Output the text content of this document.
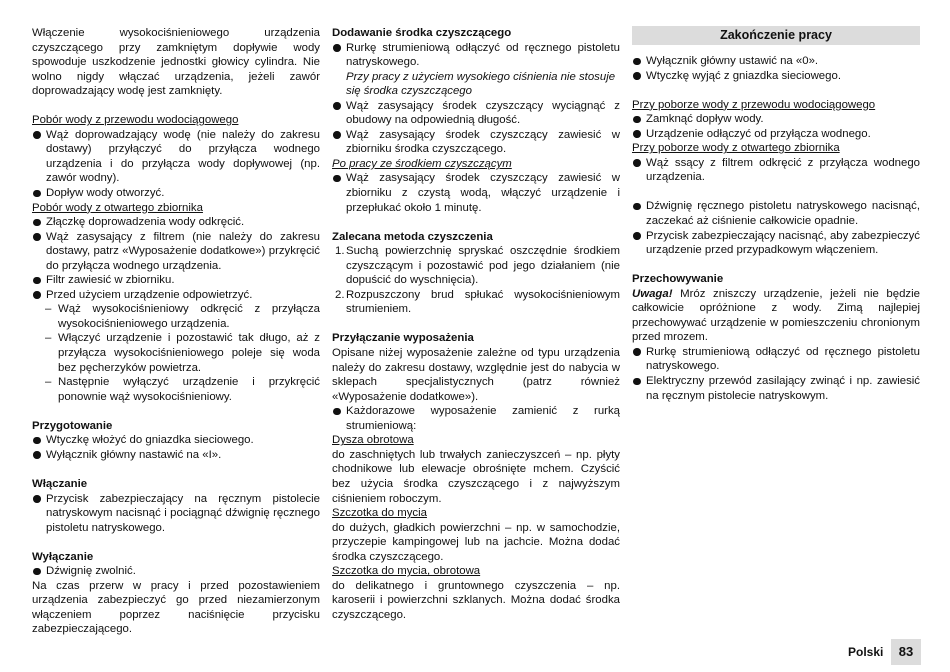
Włączenie wysokociśnieniowego urządzenia czyszczącego przy zamkniętym dopływie wody spowoduje uszkodzenie jednostki głowicy cylindra. Nie wolno nigdy włączać urządzenia, jeżeli zawór doprowadzający wodę jest zamknięty.

Pobór wody z przewodu wodociągowego

Wąż doprowadzający wodę (nie należy do zakresu dostawy) przyłączyć do przyłącza wodnego urządzenia i do przyłącza wody dopływowej (np. zawór wodny).

Dopływ wody otworzyć.

Pobór wody z otwartego zbiornika

Złączkę doprowadzenia wody odkręcić.

Wąż zasysający z filtrem (nie należy do zakresu dostawy, patrz «Wyposażenie dodatkowe») przykręcić do przyłącza wodnego urządzenia.

Filtr zawiesić w zbiorniku.

Przed użyciem urządzenie odpowietrzyć.

– Wąż wysokociśnieniowy odkręcić z przyłącza wysokociśnieniowego urządzenia.

– Włączyć urządzenie i pozostawić tak długo, aż z przyłącza wysokociśnieniowego poleje się woda bez pęcherzyków powietrza.

– Następnie wyłączyć urządzenie i przykręcić ponownie wąż wysokociśnieniowy.

Przygotowanie

Wtyczkę włożyć do gniazdka sieciowego.

Wyłącznik główny nastawić na «I».

Włączanie

Przycisk zabezpieczający na ręcznym pistolecie natryskowym nacisnąć i pociągnąć dźwignię ręcznego pistoletu natryskowego.

Wyłączanie

Dźwignię zwolnić.

Na czas przerw w pracy i przed pozostawieniem urządzenia zabezpieczyć go przed niezamierzonym włączeniem poprzez naciśnięcie przycisku zabezpieczającego.

Dodawanie środka czyszczącego

Rurkę strumieniową odłączyć od ręcznego pistoletu natryskowego.

Przy pracy z użyciem wysokiego ciśnienia nie stosuje się środka czyszczącego

Wąż zasysający środek czyszczący wyciągnąć z obudowy na odpowiednią długość.

Wąż zasysający środek czyszczący zawiesić w zbiorniku środka czyszczącego.

Po pracy ze środkiem czyszczącym

Wąż zasysający środek czyszczący zawiesić w zbiorniku z czystą wodą, włączyć urządzenie i przepłukać około 1 minutę.

Zalecana metoda czyszczenia

1. Suchą powierzchnię spryskać oszczędnie środkiem czyszczącym i pozostawić pod jego działaniem (nie dopuścić do wyschnięcia).

2. Rozpuszczony brud spłukać wysokociśnieniowym strumieniem.

Przyłączanie wyposażenia

Opisane niżej wyposażenie zależne od typu urządzenia należy do zakresu dostawy, względnie jest do nabycia w sklepach specjalistycznych (patrz również «Wyposażenie dodatkowe»).

Każdorazowe wyposażenie zamienić z rurką strumieniową:

Dysza obrotowa

do zaschniętych lub trwałych zanieczyszceń – np. płyty chodnikowe lub elewacje obrośnięte mchem. Czyścić bez użycia środka czyszczącego i z najwyższym ciśnieniem roboczym.

Szczotka do mycia

do dużych, gładkich powierzchni – np. w samochodzie, przyczepie kampingowej lub na jachcie. Można dodać środka czyszczącego.

Szczotka do mycia, obrotowa

do delikatnego i gruntownego czyszczenia – np. karoserii i powierzchni szklanych. Można dodać środka czyszczącego.

Zakończenie pracy

Wyłącznik główny ustawić na «0».

Wtyczkę wyjąć z gniazdka sieciowego.

Przy poborze wody z przewodu wodociągowego

Zamknąć dopływ wody.

Urządzenie odłączyć od przyłącza wodnego.

Przy poborze wody z otwartego zbiornika

Wąż ssący z filtrem odkręcić z przyłącza wodnego urządzenia.

Dźwignię ręcznego pistoletu natryskowego nacisnąć, zaczekać aż ciśnienie całkowicie opadnie.

Przycisk zabezpieczający nacisnąć, aby zabezpieczyć urządzenie przed przypadkowym włączeniem.

Przechowywanie

Uwaga! Mróz zniszczy urządzenie, jeżeli nie będzie całkowicie opróżnione z wody. Zimą najlepiej przechowywać urządzenie w pomieszczeniu chronionym przed mrozem.

Rurkę strumieniową odłączyć od ręcznego pistoletu natryskowego.

Elektryczny przewód zasilający zwinąć i np. zawiesić na ręcznym pistolecie natryskowym.

Polski	83
